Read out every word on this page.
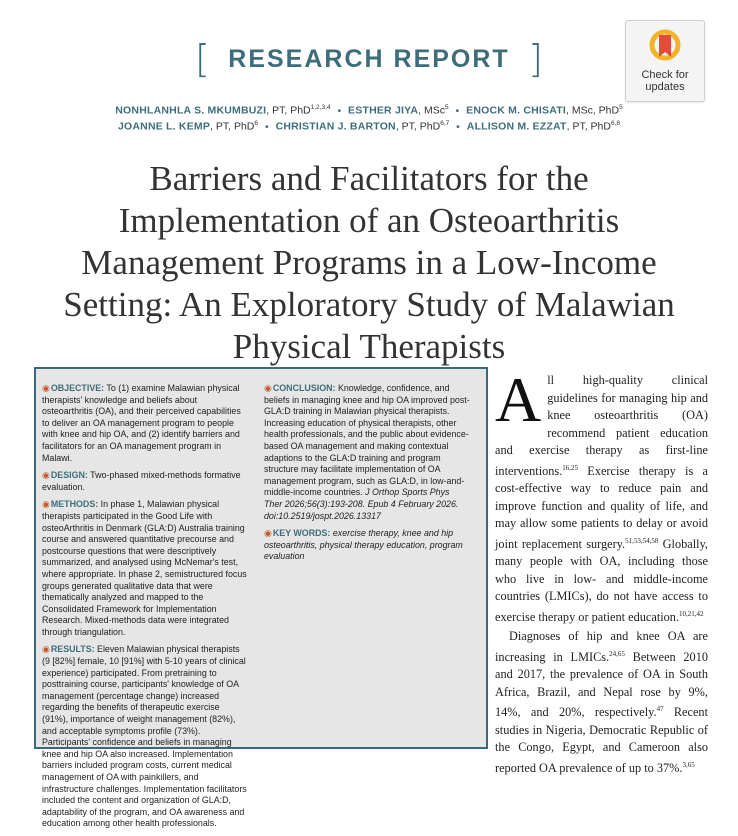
[ RESEARCH REPORT ]	Check for
updates
NONHLANHLA S. MKUMBUZI, PT, PhD$^{1,2,3,4}$ • ESTHER JIYA, MSc$^5$ • ENOCK M. CHISATI, MSc, PhD$^5$
JOANNE L. KEMP, PT, PhD$^6$ • CHRISTIAN J. BARTON, PT, PhD$^{6,7}$ • ALLISON M. EZZAT, PT, PhD$^{6,8}$
Barriers and Facilitators for the Implementation of an Osteoarthritis Management Programs in a Low-Income Setting: An Exploratory Study of Malawian Physical Therapists

◉OBJECTIVE: To (1) examine Malawian physical therapists' knowledge and beliefs about osteoarthritis (OA), and their perceived capabilities to deliver an OA management program to people with knee and hip OA, and (2) identify barriers and facilitators for an OA management program in Malawi.

◉DESIGN: Two-phased mixed-methods formative evaluation.

◉METHODS: In phase 1, Malawian physical therapists participated in the Good Life with osteoArthritis in Denmark (GLA:D) Australia training course and answered quantitative precourse and postcourse questions that were descriptively summarized, and analysed using McNemar's test, where appropriate. In phase 2, semistructured focus groups generated qualitative data that were thematically analyzed and mapped to the Consolidated Framework for Implementation Research. Mixed-methods data were integrated through triangulation.

◉RESULTS: Eleven Malawian physical therapists (9 [82%] female, 10 [91%] with 5-10 years of clinical experience) participated. From pretraining to posttraining course, participants' knowledge of OA management (percentage change) increased regarding the benefits of therapeutic exercise (91%), importance of weight management (82%), and acceptable symptoms profile (73%). Participants' confidence and beliefs in managing knee and hip OA also increased. Implementation barriers included program costs, current medical management of OA with painkillers, and infrastructure challenges. Implementation facilitators included the content and organization of GLA:D, adaptability of the program, and OA awareness and education among other health professionals.

◉CONCLUSION: Knowledge, confidence, and beliefs in managing knee and hip OA improved post-GLA:D training in Malawian physical therapists. Increasing education of physical therapists, other health professionals, and the public about evidence-based OA management and making contextual adaptions to the GLA:D training and program structure may facilitate implementation of OA management program, such as GLA:D, in low-and-middle-income countries. J Orthop Sports Phys Ther 2026;56(3):193-208. Epub 4 February 2026. doi:10.2519/jospt.2026.13317

◉KEY WORDS: exercise therapy, knee and hip osteoarthritis, physical therapy education, program evaluation

All high-quality clinical guidelines for managing hip and knee osteoarthritis (OA) recommend patient education and exercise therapy as first-line interventions.$^{16,25}$ Exercise therapy is a cost-effective way to reduce pain and improve function and quality of life, and may allow some patients to delay or avoid joint replacement surgery.$^{51,53,54,58}$ Globally, many people with OA, including those who live in low- and middle-income countries (LMICs), do not have access to exercise therapy or patient education.$^{10,21,42}$

Diagnoses of hip and knee OA are increasing in LMICs.$^{24,65}$ Between 2010 and 2017, the prevalence of OA in South Africa, Brazil, and Nepal rose by 9%, 14%, and 20%, respectively.$^{47}$ Recent studies in Nigeria, Democratic Republic of the Congo, Egypt, and Cameroon also reported OA prevalence of up to 37%.$^{3,65}$
